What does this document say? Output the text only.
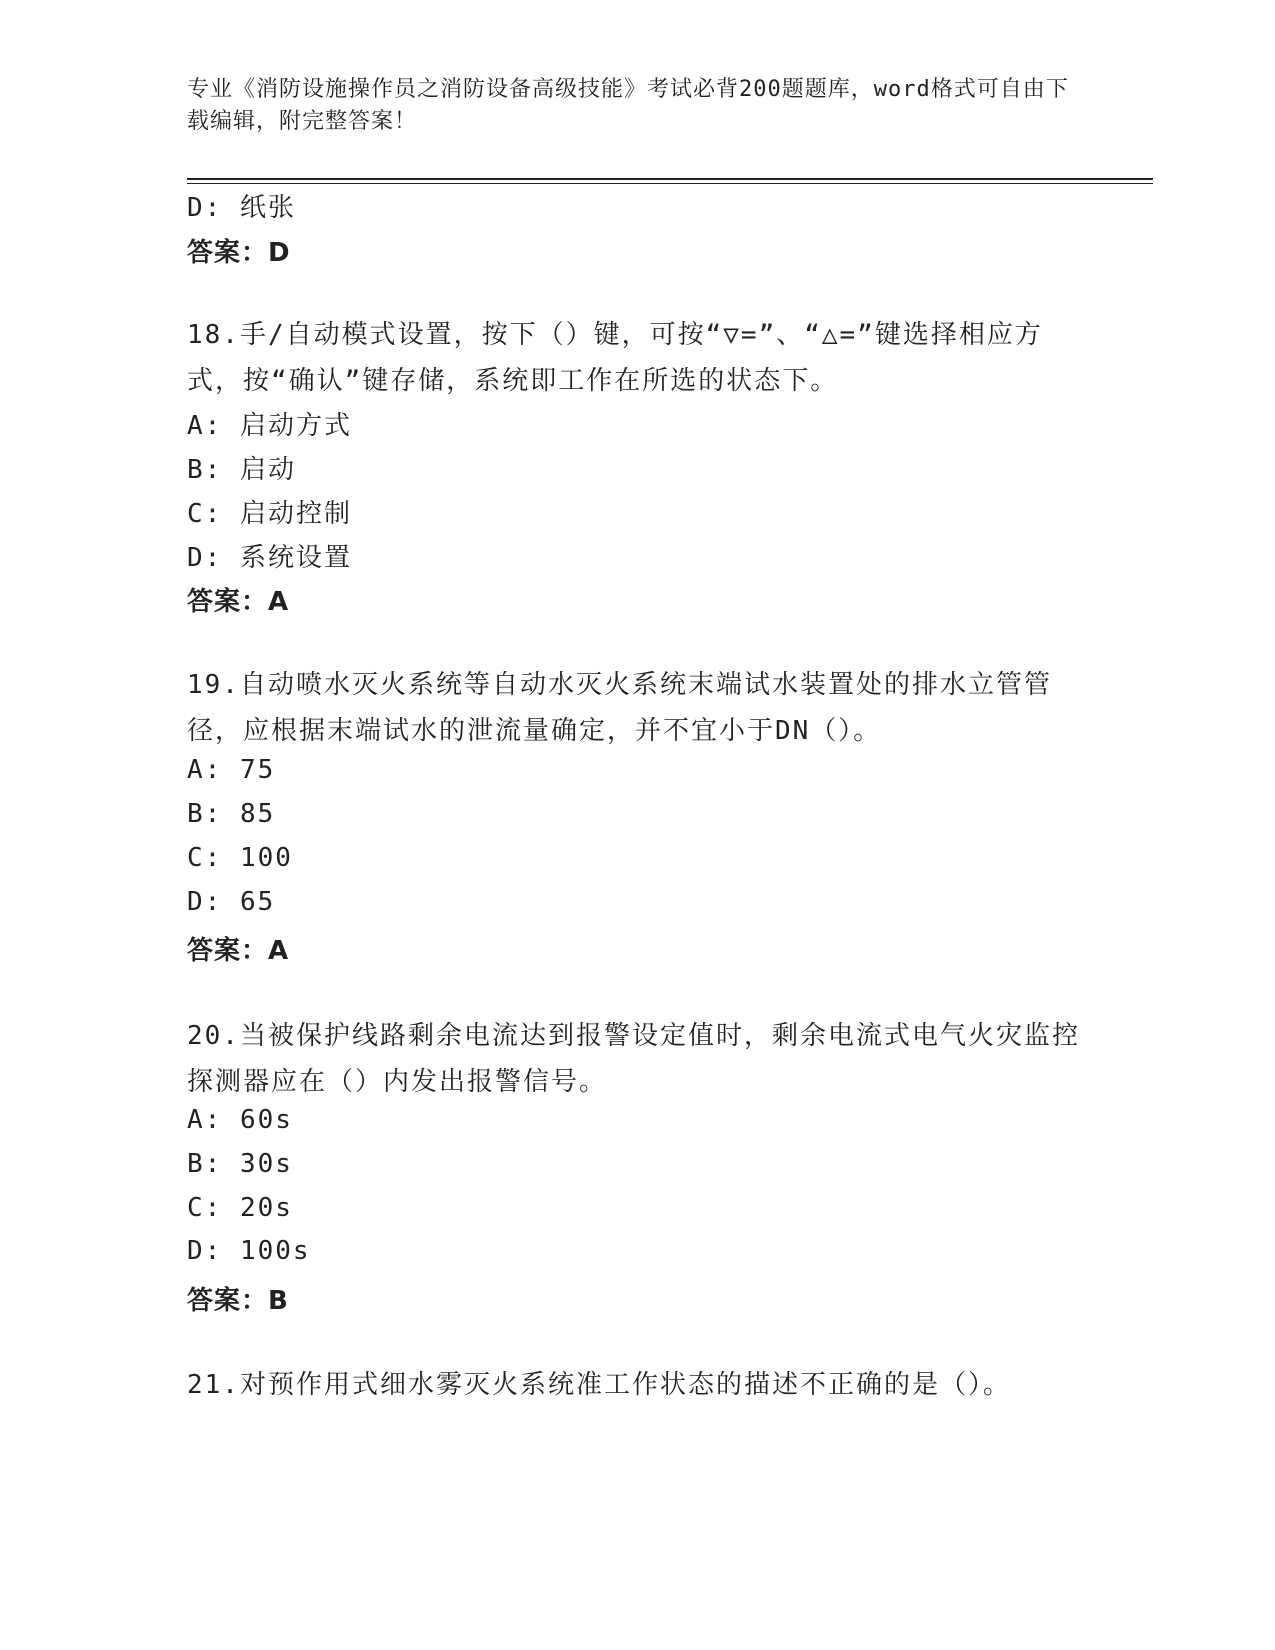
专业《消防设施操作员之消防设备高级技能》考试必背200题题库，word格式可自由下载编辑，附完整答案！
D: 纸张
答案：D
18.手/自动模式设置，按下（）键，可按“▽=”、“△=”键选择相应方式，按“确认”键存储，系统即工作在所选的状态下。
A: 启动方式
B: 启动
C: 启动控制
D: 系统设置
答案：A
19.自动喷水灭火系统等自动水灭火系统末端试水装置处的排水立管管径，应根据末端试水的泄流量确定，并不宜小于DN（）。
A: 75
B: 85
C: 100
D: 65
答案：A
20.当被保护线路剩余电流达到报警设定值时，剩余电流式电气火灾监控探测器应在（）内发出报警信号。
A: 60s
B: 30s
C: 20s
D: 100s
答案：B
21.对预作用式细水雾灭火系统准工作状态的描述不正确的是（）。
